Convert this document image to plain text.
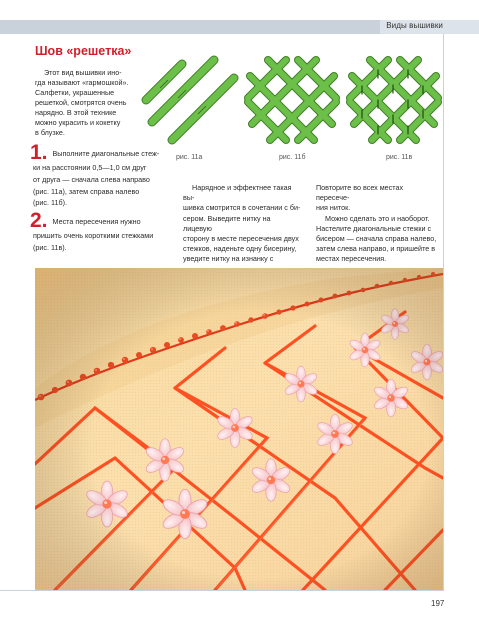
Виды вышивки
Шов «решетка»
Этот вид вышивки ино-
гда называют «гармошкой».
Салфетки, украшенные
решеткой, смотрятся очень
нарядно. В этой технике
можно украсить и кокетку
в блузке.
1. Выполните диагональные стеж-
ки на расстоянии 0,5—1,0 см друг
от друга — сначала слева направо
(рис. 11а), затем справа налево
(рис. 11б).
2. Места пересечения нужно
пришить очень короткими стежками
(рис. 11в).
рис. 11а	рис. 11б	рис. 11в
Нарядное и эффектнее такая вы-
шивка смотрится в сочетании с би-
сером. Выведите нитку на лицевую
сторону в месте пересечения двух
стежков, наденьте одну бисерину,
уведите нитку на изнанку с
Повторите во всех местах пересече-
ния ниток.
Можно сделать это и наоборот.
Настелите диагональные стежки с
бисером — сначала справа налево,
затем слева направо, и пришейте в
местах пересечения.
197
